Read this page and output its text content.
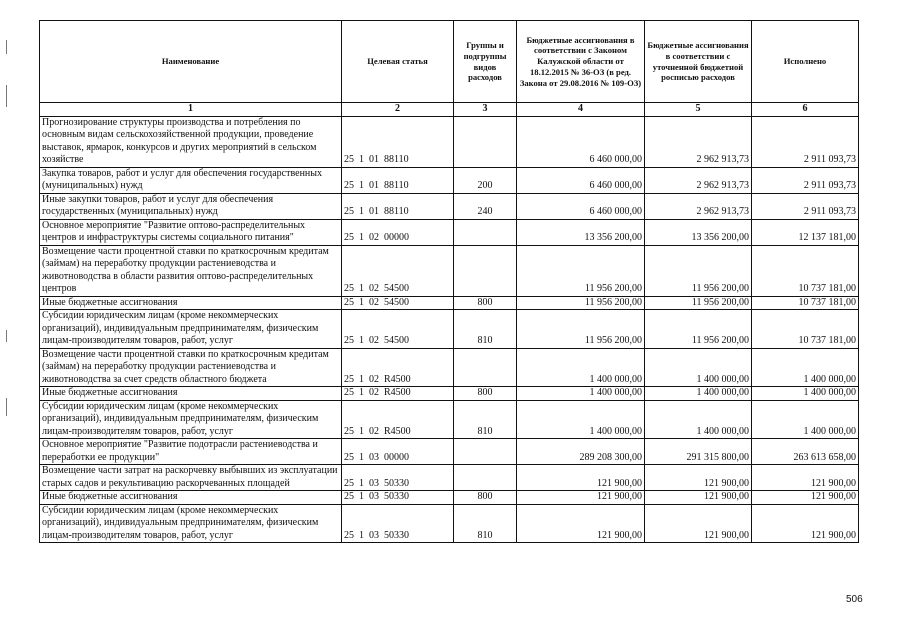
Наименование	Целевая статья	Группы и подгруппы видов расходов	Бюджетные ассигнования в соответствии с Законом Калужской области от 18.12.2015 № 36-ОЗ (в ред. Закона от 29.08.2016 № 109-ОЗ)	Бюджетные ассигнования в соответствии с уточненной бюджетной росписью расходов	Исполнено
1	2	3	4	5	6
Прогнозирование структуры производства и потребления по основным видам сельскохозяйственной продукции, проведение выставок, ярмарок, конкурсов и других мероприятий в сельском хозяйстве	25  1  01  88110		6 460 000,00	2 962 913,73	2 911 093,73
Закупка товаров, работ и услуг для обеспечения государственных (муниципальных) нужд	25  1  01  88110	200	6 460 000,00	2 962 913,73	2 911 093,73
Иные закупки товаров, работ и услуг для обеспечения государственных (муниципальных) нужд	25  1  01  88110	240	6 460 000,00	2 962 913,73	2 911 093,73
Основное мероприятие "Развитие оптово-распределительных центров и инфраструктуры системы социального питания"	25  1  02  00000		13 356 200,00	13 356 200,00	12 137 181,00
Возмещение части процентной ставки по краткосрочным кредитам (займам) на переработку продукции растениеводства и животноводства в области развития оптово-распределительных центров	25  1  02  54500		11 956 200,00	11 956 200,00	10 737 181,00
Иные бюджетные ассигнования	25  1  02  54500	800	11 956 200,00	11 956 200,00	10 737 181,00
Субсидии юридическим лицам (кроме некоммерческих организаций), индивидуальным предпринимателям, физическим лицам-производителям товаров, работ, услуг	25  1  02  54500	810	11 956 200,00	11 956 200,00	10 737 181,00
Возмещение части процентной ставки по краткосрочным кредитам (займам) на переработку продукции растениеводства и животноводства за счет средств областного бюджета	25  1  02  R4500		1 400 000,00	1 400 000,00	1 400 000,00
Иные бюджетные ассигнования	25  1  02  R4500	800	1 400 000,00	1 400 000,00	1 400 000,00
Субсидии юридическим лицам (кроме некоммерческих организаций), индивидуальным предпринимателям, физическим лицам-производителям товаров, работ, услуг	25  1  02  R4500	810	1 400 000,00	1 400 000,00	1 400 000,00
Основное мероприятие "Развитие подотрасли растениеводства и переработки ее продукции"	25  1  03  00000		289 208 300,00	291 315 800,00	263 613 658,00
Возмещение части затрат на раскорчевку выбывших из эксплуатации старых садов и рекультивацию раскорчеванных площадей	25  1  03  50330		121 900,00	121 900,00	121 900,00
Иные бюджетные ассигнования	25  1  03  50330	800	121 900,00	121 900,00	121 900,00
Субсидии юридическим лицам (кроме некоммерческих организаций), индивидуальным предпринимателям, физическим лицам-производителям товаров, работ, услуг	25  1  03  50330	810	121 900,00	121 900,00	121 900,00
506
